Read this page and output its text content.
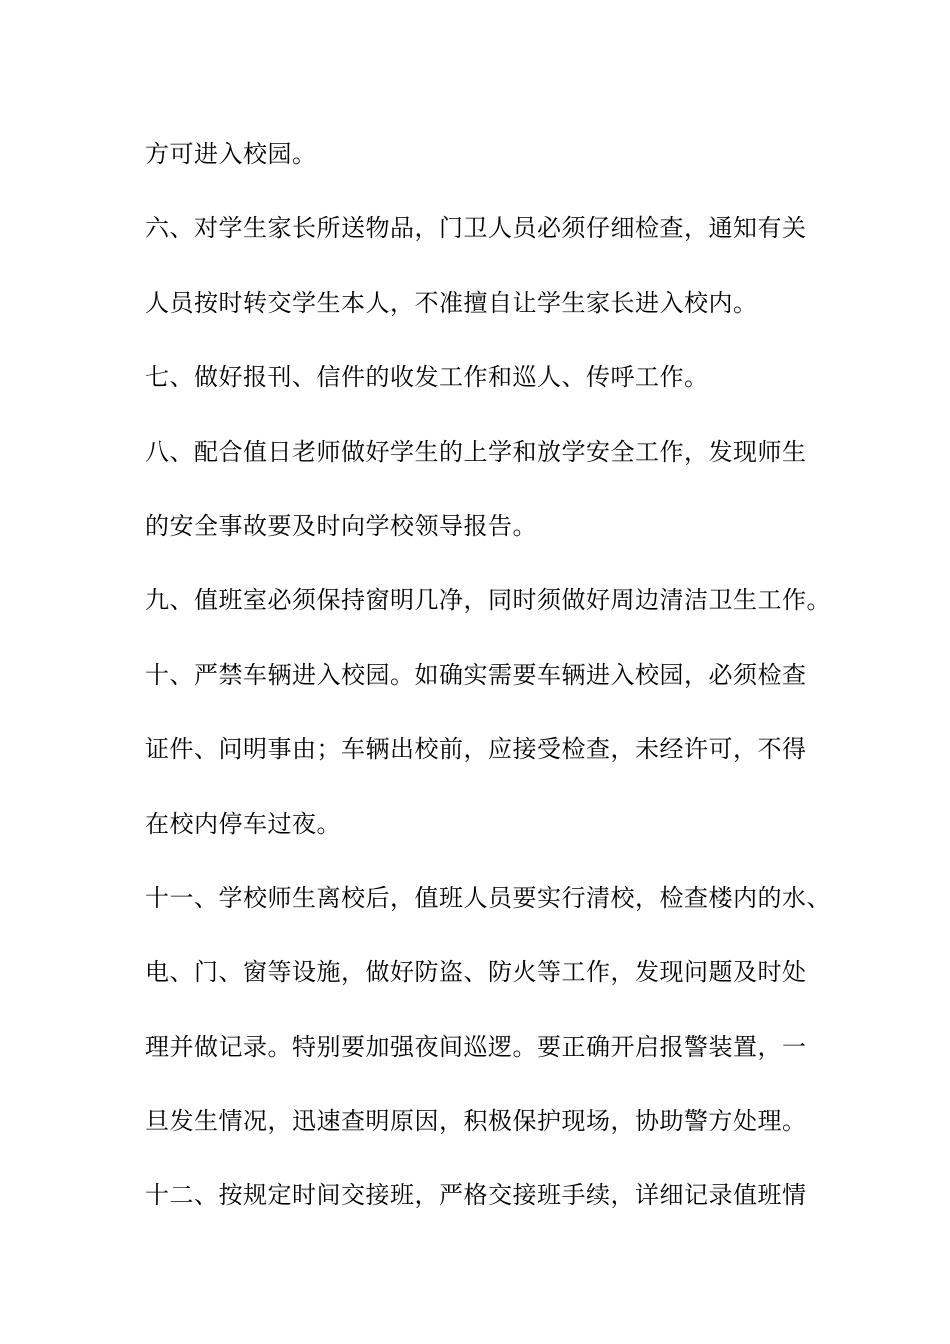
方可进入校园。
六、对学生家长所送物品，门卫人员必须仔细检查，通知有关
人员按时转交学生本人，不准擅自让学生家长进入校内。
七、做好报刊、信件的收发工作和巡人、传呼工作。
八、配合值日老师做好学生的上学和放学安全工作，发现师生
的安全事故要及时向学校领导报告。
九、值班室必须保持窗明几净，同时须做好周边清洁卫生工作。
十、严禁车辆进入校园。如确实需要车辆进入校园，必须检查
证件、问明事由；车辆出校前，应接受检查，未经许可，不得
在校内停车过夜。
十一、学校师生离校后，值班人员要实行清校，检查楼内的水、
电、门、窗等设施，做好防盗、防火等工作，发现问题及时处
理并做记录。特别要加强夜间巡逻。要正确开启报警装置，一
旦发生情况，迅速查明原因，积极保护现场，协助警方处理。
十二、按规定时间交接班，严格交接班手续，详细记录值班情
